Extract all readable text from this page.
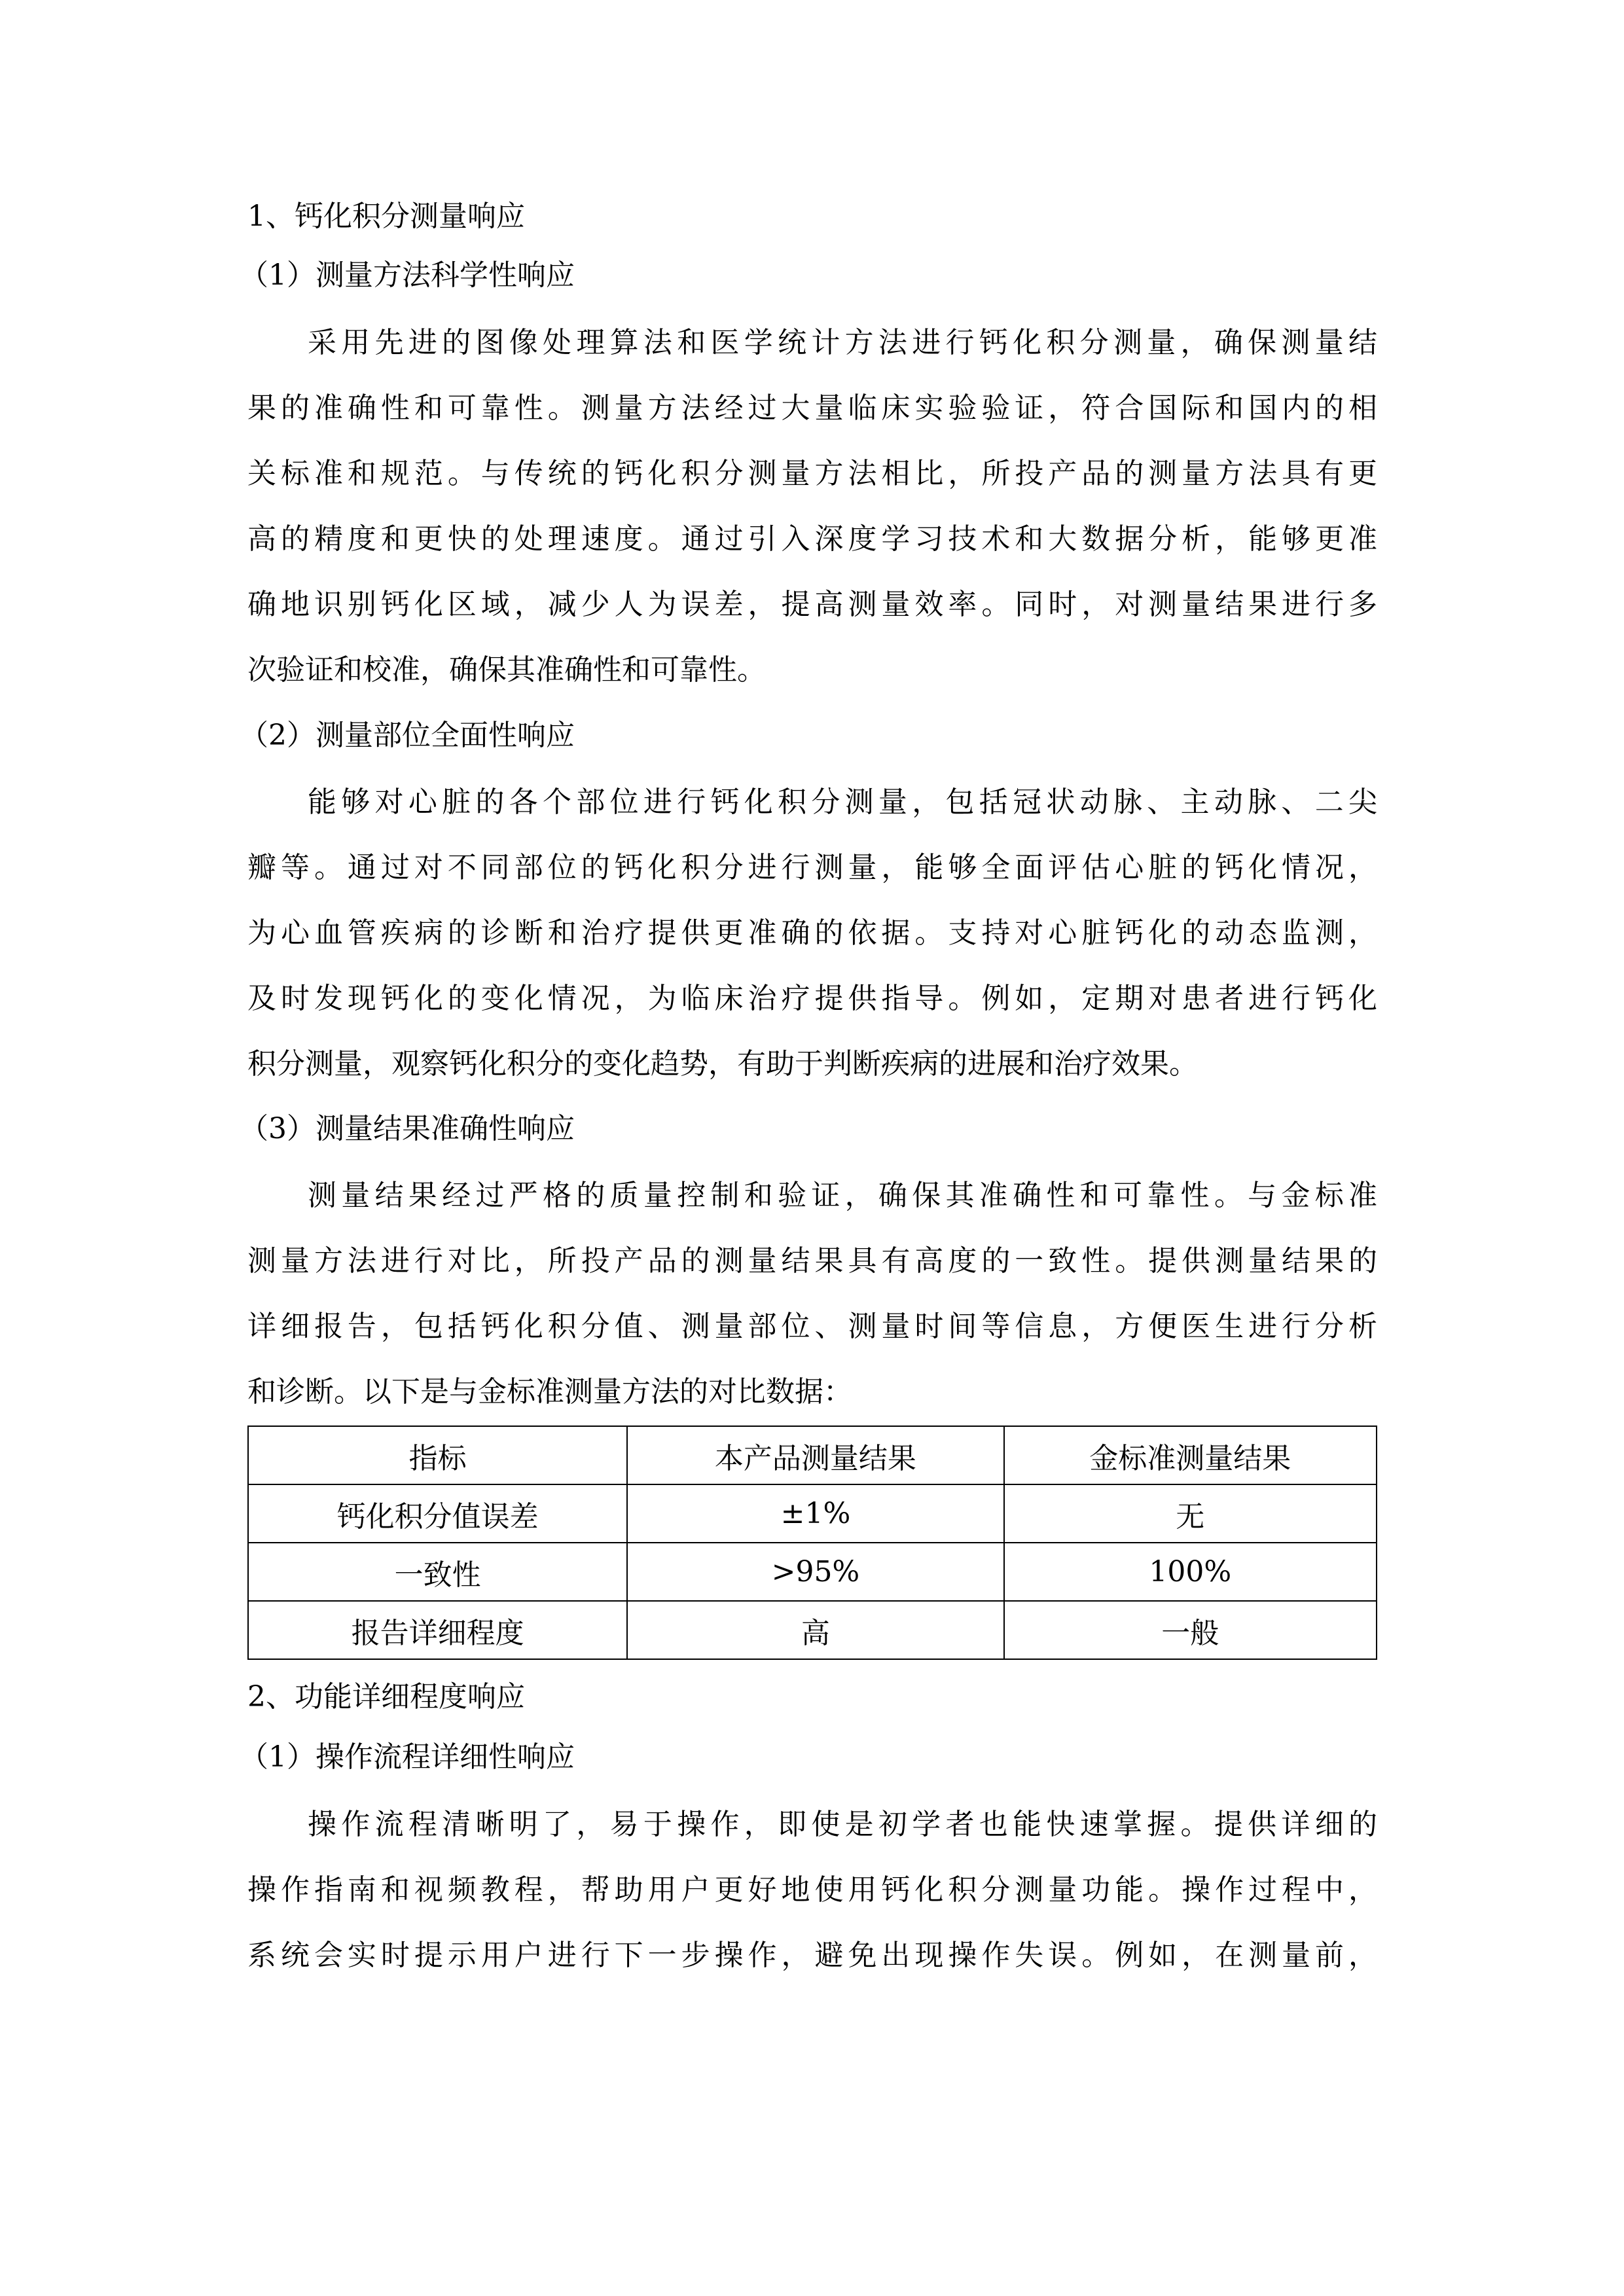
1、钙化积分测量响应
（1）测量方法科学性响应
采用先进的图像处理算法和医学统计方法进行钙化积分测量，确保测量结
果的准确性和可靠性。测量方法经过大量临床实验验证，符合国际和国内的相
关标准和规范。与传统的钙化积分测量方法相比，所投产品的测量方法具有更
高的精度和更快的处理速度。通过引入深度学习技术和大数据分析，能够更准
确地识别钙化区域，减少人为误差，提高测量效率。同时，对测量结果进行多
次验证和校准，确保其准确性和可靠性。
（2）测量部位全面性响应
能够对心脏的各个部位进行钙化积分测量，包括冠状动脉、主动脉、二尖
瓣等。通过对不同部位的钙化积分进行测量，能够全面评估心脏的钙化情况，
为心血管疾病的诊断和治疗提供更准确的依据。支持对心脏钙化的动态监测，
及时发现钙化的变化情况，为临床治疗提供指导。例如，定期对患者进行钙化
积分测量，观察钙化积分的变化趋势，有助于判断疾病的进展和治疗效果。
（3）测量结果准确性响应
测量结果经过严格的质量控制和验证，确保其准确性和可靠性。与金标准
测量方法进行对比，所投产品的测量结果具有高度的一致性。提供测量结果的
详细报告，包括钙化积分值、测量部位、测量时间等信息，方便医生进行分析
和诊断。以下是与金标准测量方法的对比数据：
指标	本产品测量结果	金标准测量结果
钙化积分值误差	±1%	无
一致性	>95%	100%
报告详细程度	高	一般
2、功能详细程度响应
（1）操作流程详细性响应
操作流程清晰明了，易于操作，即使是初学者也能快速掌握。提供详细的
操作指南和视频教程，帮助用户更好地使用钙化积分测量功能。操作过程中，
系统会实时提示用户进行下一步操作，避免出现操作失误。例如，在测量前，
